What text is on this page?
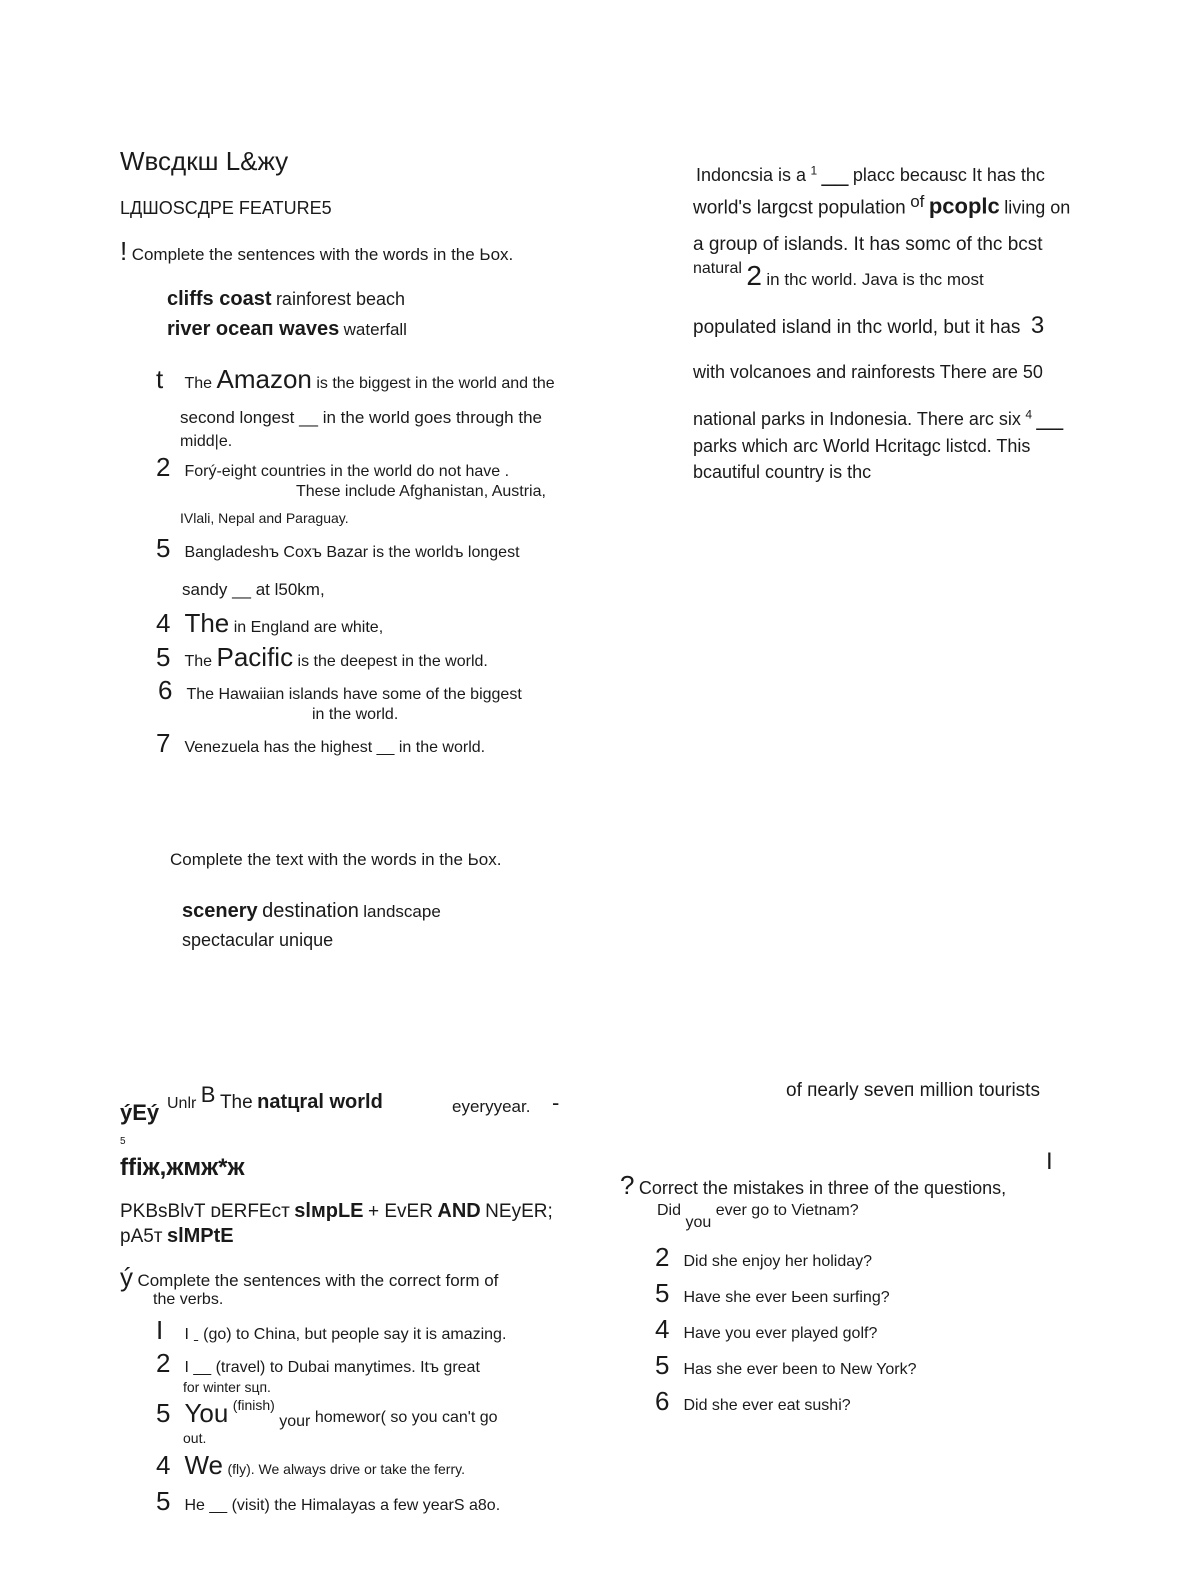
Wвсдкш L&жу
LДШOSCДPE FEATURE5
! Complete the sentences with the words in the Ьox.
cliffs coast rainforest beach
river oceaп waves waterfall
t The Amazon is the biggest in the world and the
second longest __ in the world goes through the
midd|e.
2 Forý-eight countries in the world do not have .
These include Afghanistan, Austria,
IVlali, Nepal and Paraguay.
5 Bangladeshъ Coxъ Bazar is the worldъ longest
sandy __ at l50km,
4 The in England are white,
5 The Pacific is the deepest in the world.
6 The Hawaiian islands have some of the biggest
in the world.
7 Venezuela has the highest __ in the world.
Complete the text with the words in the Ьox.
scenery destination landscape
spectacular unique
Indoncsia is a $^1$ __ placc becausc It has thc
world's largcst population $^{of}$ pcoplc living on
a group of islands. It has somc of thc bcst
natural 2 in thc world. Java is thc most
populated island in thc world, but it has 3
with volcanoes and rainforests There are 50
national parks in Indonesia. There arc six $^4$ __
parks which arc World Hcritagc listcd. This
bcautiful country is thc
ýEý Unlr B The natцral world	eyeryyear. -
5
ffiж,жмж*ж
PKBsBlvT ᴅERFEcт slмpLE + EvER AND NEyER;
pA5т slMPtE
ý Complete the sentences with the correct form of
the verbs.
I I ˍ (go) to China, but people say it is amazing.
2 I __ (travel) to Dubai manytimes. Itъ great
for winter sцп.
5 You (finish) your homewor( so you can't go
out.
4 We (fly). We always drive or take the ferry.
5 He __ (visit) the Himalayas a few yearS a8o.
of пearly seveп million tourists
I
? Correct the mistakes in three of the questions,
Did you ever go to Vietnam?
2 Did she enjoy her holiday?
5 Have she ever Ьeen surfing?
4 Have you ever played golf?
5 Has she ever been to New York?
6 Did she ever eat sushi?
